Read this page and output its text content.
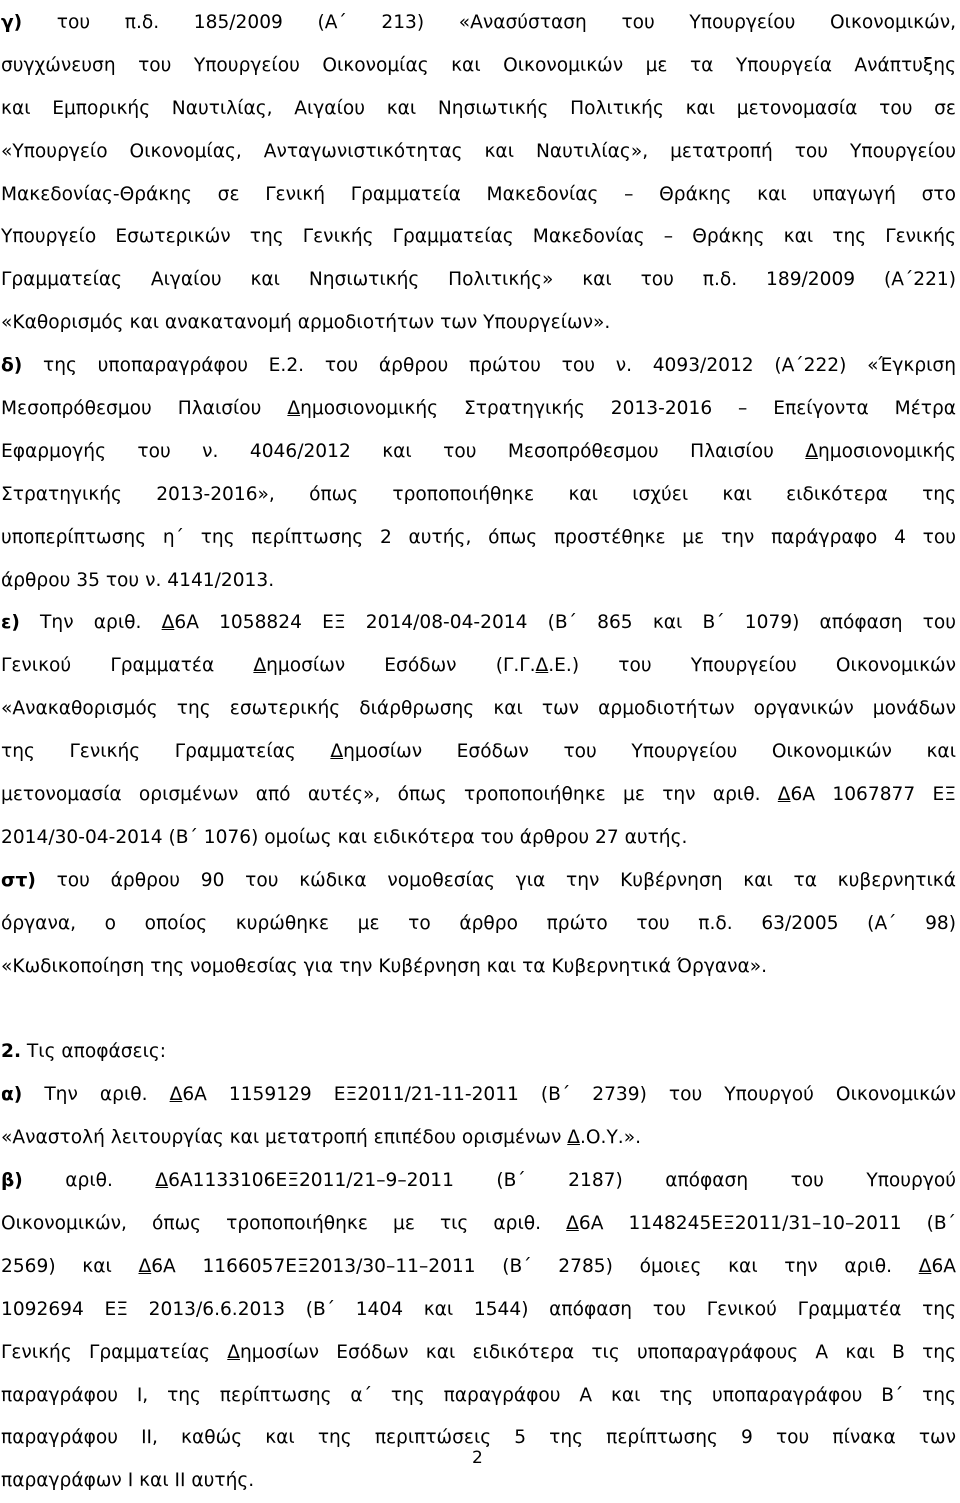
γ) του π.δ. 185/2009 (Α΄ 213) «Ανασύσταση του Υπουργείου Οικονομικών,
συγχώνευση του Υπουργείου Οικονομίας και Οικονομικών με τα Υπουργεία Ανάπτυξης
και Εμπορικής Ναυτιλίας, Αιγαίου και Νησιωτικής Πολιτικής και μετονομασία του σε
«Υπουργείο Οικονομίας, Ανταγωνιστικότητας και Ναυτιλίας», μετατροπή του Υπουργείου
Μακεδονίας-Θράκης σε Γενική Γραμματεία Μακεδονίας – Θράκης και υπαγωγή στο
Υπουργείο Εσωτερικών της Γενικής Γραμματείας Μακεδονίας – Θράκης και της Γενικής
Γραμματείας Αιγαίου και Νησιωτικής Πολιτικής» και του π.δ. 189/2009 (Α΄221)
«Καθορισμός και ανακατανομή αρμοδιοτήτων των Υπουργείων».
δ) της υποπαραγράφου Ε.2. του άρθρου πρώτου του ν. 4093/2012 (Α΄222) «Έγκριση
Μεσοπρόθεσμου Πλαισίου Δημοσιονομικής Στρατηγικής 2013-2016 – Επείγοντα Μέτρα
Εφαρμογής του ν. 4046/2012 και του Μεσοπρόθεσμου Πλαισίου Δημοσιονομικής
Στρατηγικής 2013-2016», όπως τροποποιήθηκε και ισχύει και ειδικότερα της
υποπερίπτωσης η΄ της περίπτωσης 2 αυτής, όπως προστέθηκε με την παράγραφο 4 του
άρθρου 35 του ν. 4141/2013.
ε) Την αριθ. Δ6Α 1058824 ΕΞ 2014/08-04-2014 (Β΄ 865 και Β΄ 1079) απόφαση του
Γενικού Γραμματέα Δημοσίων Εσόδων (Γ.Γ.Δ.Ε.) του Υπουργείου Οικονομικών
«Ανακαθορισμός της εσωτερικής διάρθρωσης και των αρμοδιοτήτων οργανικών μονάδων
της Γενικής Γραμματείας Δημοσίων Εσόδων του Υπουργείου Οικονομικών και
μετονομασία ορισμένων από αυτές», όπως τροποποιήθηκε με την αριθ. Δ6Α 1067877 ΕΞ
2014/30-04-2014 (Β΄ 1076) ομοίως και ειδικότερα του άρθρου 27 αυτής.
στ) του άρθρου 90 του κώδικα νομοθεσίας για την Κυβέρνηση και τα κυβερνητικά
όργανα, ο οποίος κυρώθηκε με το άρθρο πρώτο του π.δ. 63/2005 (Α΄ 98)
«Κωδικοποίηση της νομοθεσίας για την Κυβέρνηση και τα Κυβερνητικά Όργανα».
2. Τις αποφάσεις:
α) Την αριθ. Δ6Α 1159129 ΕΞ2011/21-11-2011 (Β΄ 2739) του Υπουργού Οικονομικών
«Αναστολή λειτουργίας και μετατροπή επιπέδου ορισμένων Δ.Ο.Υ.».
β) αριθ. Δ6Α1133106ΕΞ2011/21–9–2011 (Β΄ 2187) απόφαση του Υπουργού
Οικονομικών, όπως τροποποιήθηκε με τις αριθ. Δ6Α 1148245ΕΞ2011/31–10–2011 (Β΄
2569) και Δ6Α 1166057ΕΞ2013/30–11–2011 (Β΄ 2785) όμοιες και την αριθ. Δ6Α
1092694 ΕΞ 2013/6.6.2013 (Β΄ 1404 και 1544) απόφαση του Γενικού Γραμματέα της
Γενικής Γραμματείας Δημοσίων Εσόδων και ειδικότερα τις υποπαραγράφους Α και Β της
παραγράφου Ι, της περίπτωσης α΄ της παραγράφου Α και της υποπαραγράφου Β΄ της
παραγράφου ΙΙ, καθώς και της περιπτώσεις 5 της περίπτωσης 9 του πίνακα των
παραγράφων Ι και ΙΙ αυτής.
2
